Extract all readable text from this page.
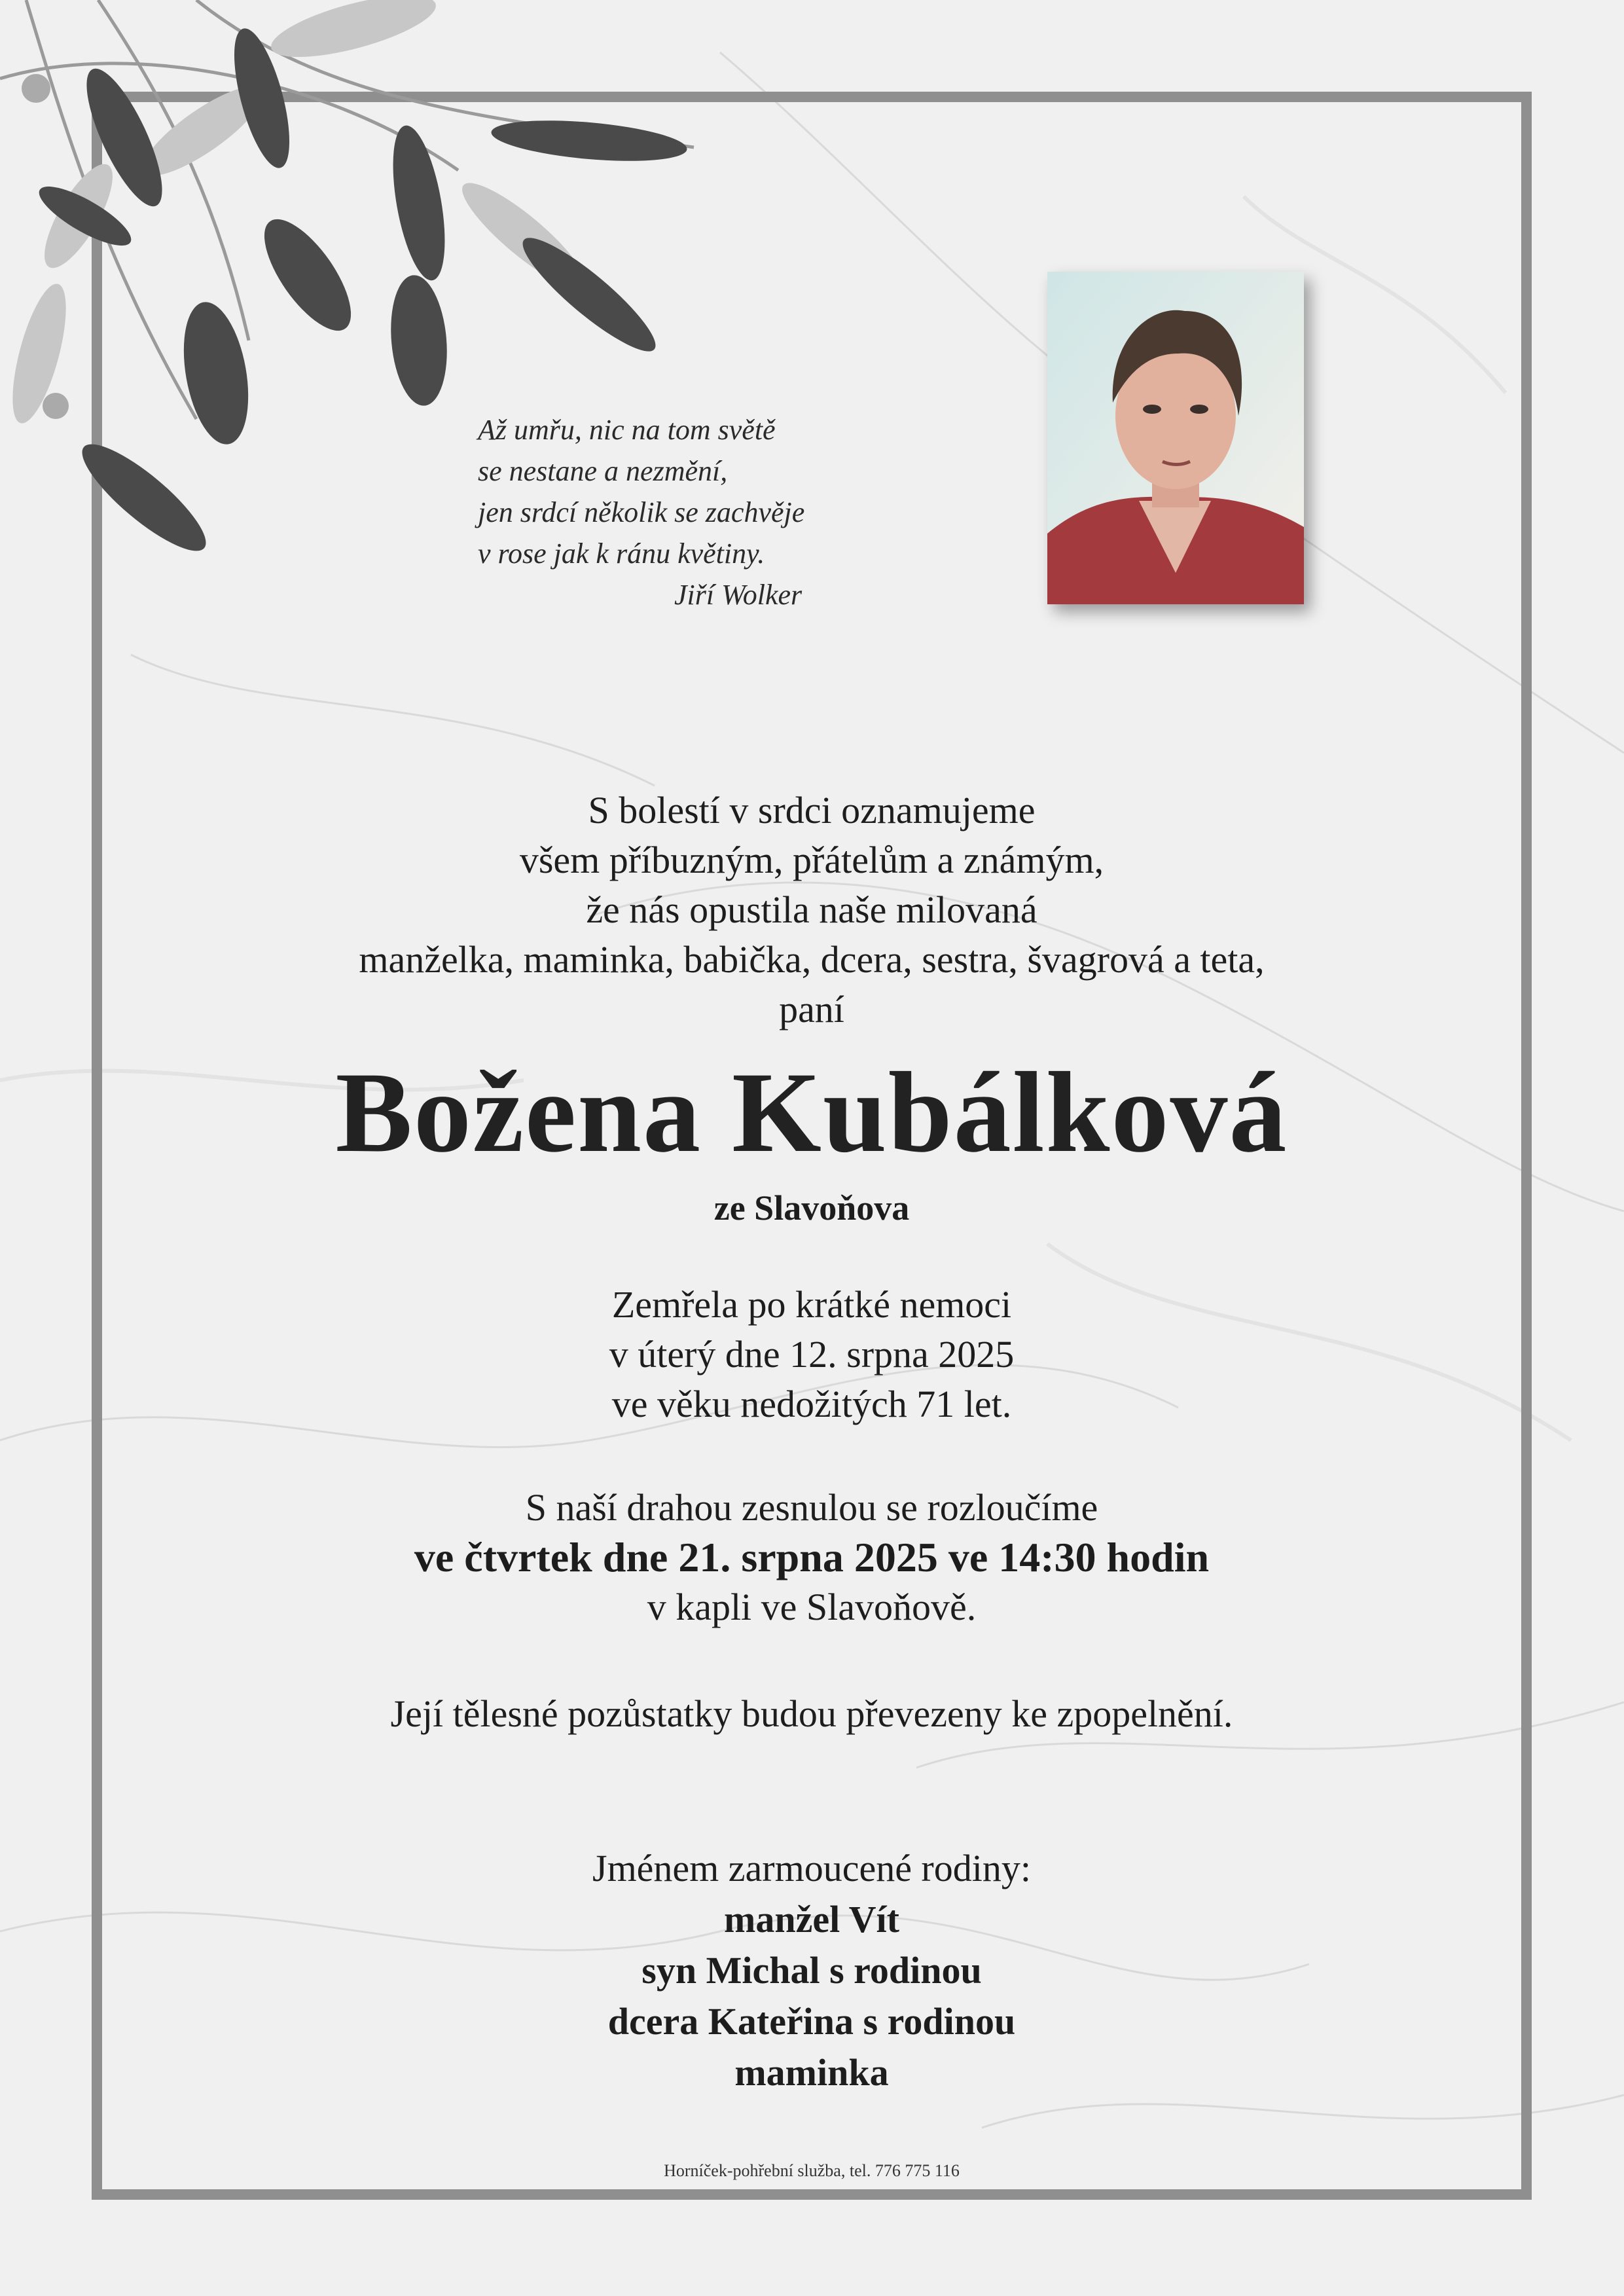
Až umřu, nic na tom světě
se nestane a nezmění,
jen srdcí několik se zachvěje
v rose jak k ránu květiny.
Jiří Wolker
S bolestí v srdci oznamujeme
všem příbuzným, přátelům a známým,
že nás opustila naše milovaná
manželka, maminka, babička, dcera, sestra, švagrová a teta,
paní
Božena Kubálková
ze Slavoňova
Zemřela po krátké nemoci
v úterý dne 12. srpna 2025
ve věku nedožitých 71 let.
S naší drahou zesnulou se rozloučíme
ve čtvrtek dne 21. srpna 2025 ve 14:30 hodin
v kapli ve Slavoňově.
Její tělesné pozůstatky budou převezeny ke zpopelnění.
Jménem zarmoucené rodiny:
manžel Vít
syn Michal s rodinou
dcera Kateřina s rodinou
maminka
Horníček-pohřební služba, tel. 776 775 116
